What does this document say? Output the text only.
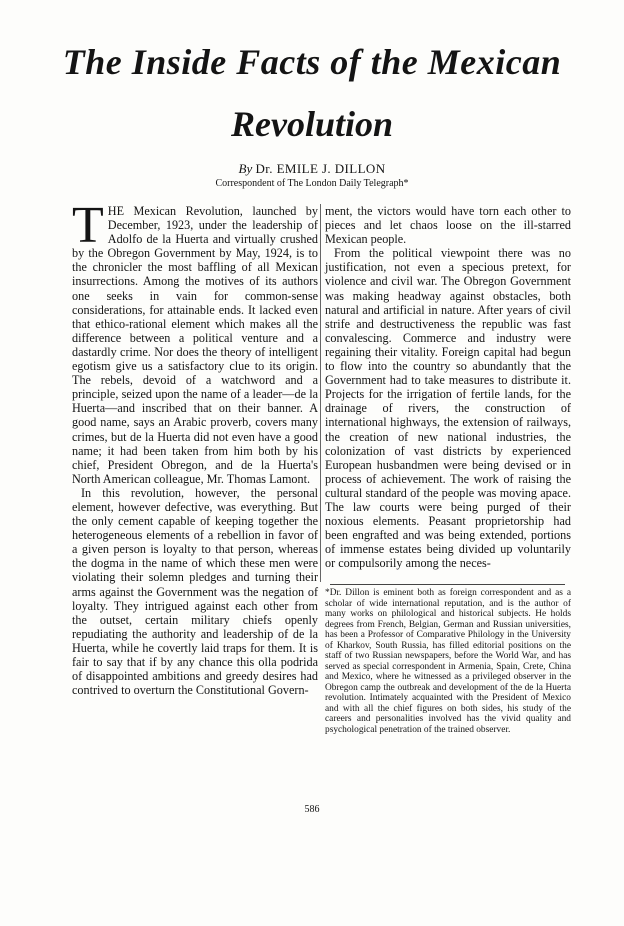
The Inside Facts of the Mexican
Revolution
By Dr. EMILE J. DILLON
Correspondent of The London Daily Telegraph*

THE Mexican Revolution, launched by December, 1923, under the leadership of Adolfo de la Huerta and virtually crushed by the Obregon Government by May, 1924, is to the chronicler the most baffling of all Mexican insurrections. Among the motives of its authors one seeks in vain for common-sense considerations, for attainable ends. It lacked even that ethico-rational element which makes all the difference between a political venture and a dastardly crime. Nor does the theory of intelligent egotism give us a satisfactory clue to its origin. The rebels, devoid of a watchword and a principle, seized upon the name of a leader—de la Huerta—and inscribed that on their banner. A good name, says an Arabic proverb, covers many crimes, but de la Huerta did not even have a good name; it had been taken from him both by his chief, President Obregon, and de la Huerta's North American colleague, Mr. Thomas Lamont.

In this revolution, however, the personal element, however defective, was everything. But the only cement capable of keeping together the heterogeneous elements of a rebellion in favor of a given person is loyalty to that person, whereas the dogma in the name of which these men were violating their solemn pledges and turning their arms against the Government was the negation of loyalty. They intrigued against each other from the outset, certain military chiefs openly repudiating the authority and leadership of de la Huerta, while he covertly laid traps for them. It is fair to say that if by any chance this olla podrida of disappointed ambitions and greedy desires had contrived to overturn the Constitutional Govern-

ment, the victors would have torn each other to pieces and let chaos loose on the ill-starred Mexican people.

From the political viewpoint there was no justification, not even a specious pretext, for violence and civil war. The Obregon Government was making headway against obstacles, both natural and artificial in nature. After years of civil strife and destructiveness the republic was fast convalescing. Commerce and industry were regaining their vitality. Foreign capital had begun to flow into the country so abundantly that the Government had to take measures to distribute it. Projects for the irrigation of fertile lands, for the drainage of rivers, the construction of international highways, the extension of railways, the creation of new national industries, the colonization of vast districts by experienced European husbandmen were being devised or in process of achievement. The work of raising the cultural standard of the people was moving apace. The law courts were being purged of their noxious elements. Peasant proprietorship had been engrafted and was being extended, portions of immense estates being divided up voluntarily or compulsorily among the neces-

*Dr. Dillon is eminent both as foreign correspondent and as a scholar of wide international reputation, and is the author of many works on philological and historical subjects. He holds degrees from French, Belgian, German and Russian universities, has been a Professor of Comparative Philology in the University of Kharkov, South Russia, has filled editorial positions on the staff of two Russian newspapers, before the World War, and has served as special correspondent in Armenia, Spain, Crete, China and Mexico, where he witnessed as a privileged observer in the Obregon camp the outbreak and development of the de la Huerta revolution. Intimately acquainted with the President of Mexico and with all the chief figures on both sides, his study of the careers and personalities involved has the vivid quality and psychological penetration of the trained observer.
586
